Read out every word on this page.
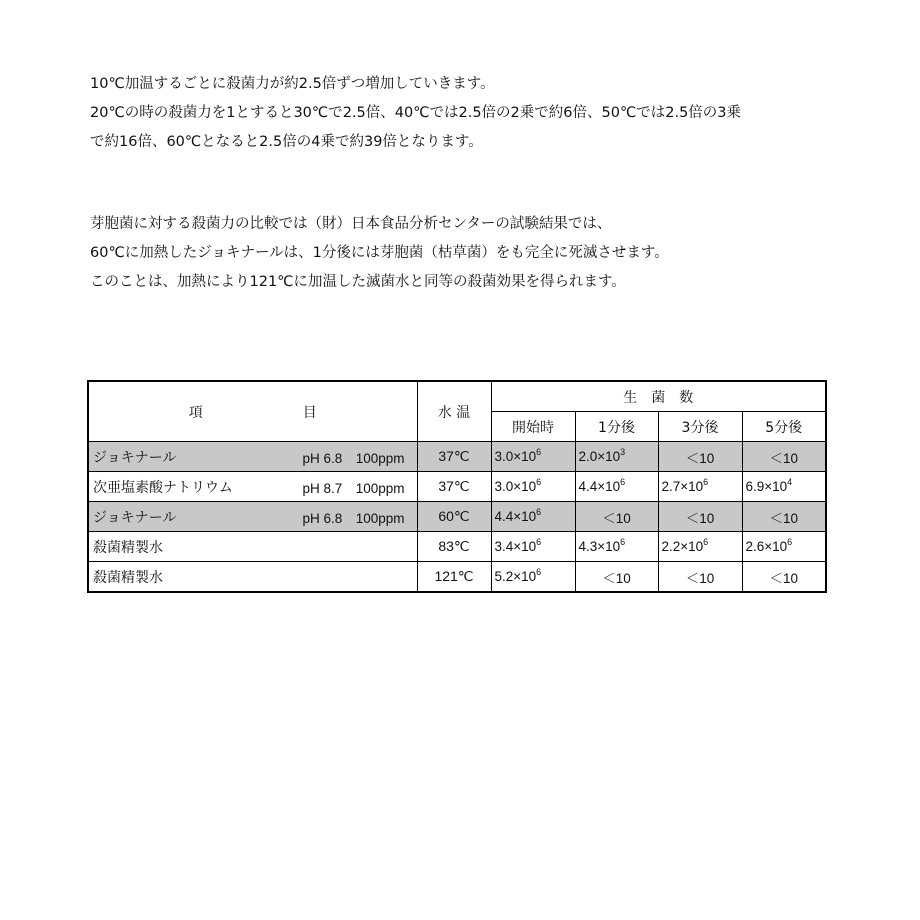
10℃加温するごとに殺菌力が約2.5倍ずつ増加していきます。
20℃の時の殺菌力を1とすると30℃で2.5倍、40℃では2.5倍の2乗で約6倍、50℃では2.5倍の3乗
で約16倍、60℃となると2.5倍の4乗で約39倍となります。
芽胞菌に対する殺菌力の比較では（財）日本食品分析センターの試験結果では、
60℃に加熱したジョキナールは、1分後には芽胞菌（枯草菌）をも完全に死滅させます。
このことは、加熱により121℃に加温した滅菌水と同等の殺菌効果を得られます。
項 目	水 温	生　菌　数			
		開始時	1分後	3分後	5分後

ジョキナール pH 6.8　100ppm	37℃	$3.0\times 10^6$	$2.0\times 10^3$	＜10	＜10

次亜塩素酸ナトリウム pH 8.7　100ppm	37℃	$3.0\times 10^6$	$4.4\times 10^6$	$2.7\times 10^6$	$6.9\times 10^4$

ジョキナール pH 6.8　100ppm	60℃	$4.4\times 10^6$	＜10	＜10	＜10

殺菌精製水	83℃	$3.4\times 10^6$	$4.3\times 10^6$	$2.2\times 10^6$	$2.6\times 10^6$

殺菌精製水	121℃	$5.2\times 10^6$	＜10	＜10	＜10
